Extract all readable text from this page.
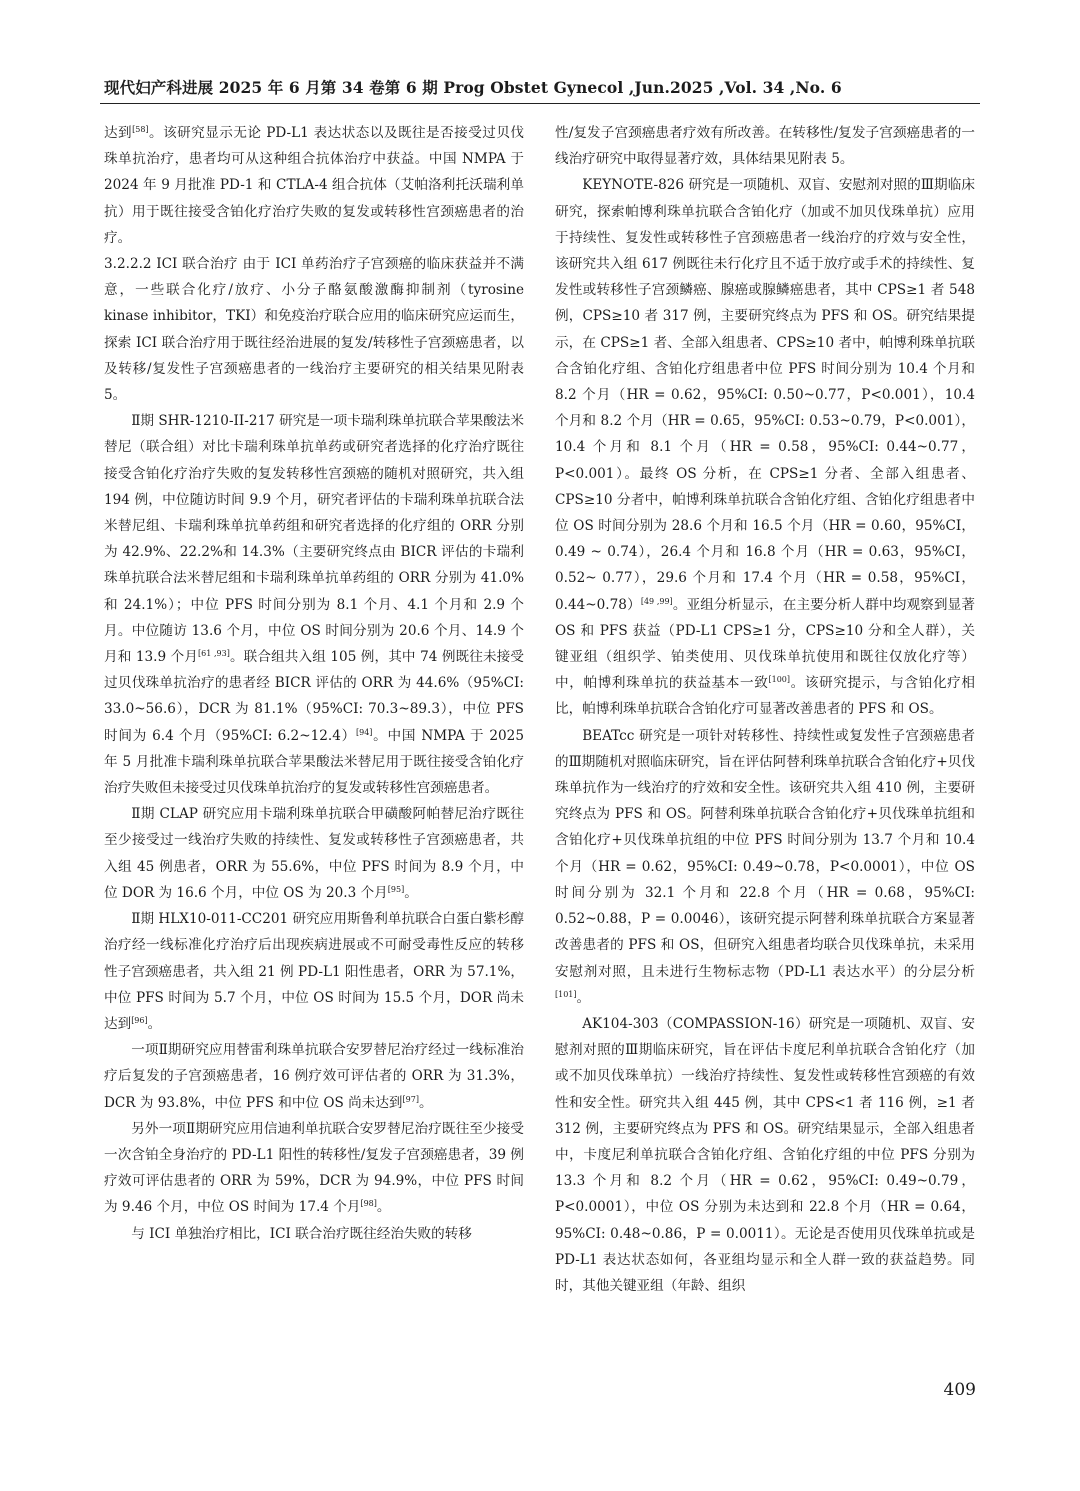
现代妇产科进展 2025 年 6 月第 34 卷第 6 期 Prog Obstet Gynecol ,Jun.2025 ,Vol. 34 ,No. 6

达到[58]。该研究显示无论 PD-L1 表达状态以及既往是否接受过贝伐珠单抗治疗，患者均可从这种组合抗体治疗中获益。中国 NMPA 于 2024 年 9 月批准 PD-1 和 CTLA-4 组合抗体（艾帕洛利托沃瑞利单抗）用于既往接受含铂化疗治疗失败的复发或转移性宫颈癌患者的治疗。

3.2.2.2 ICI 联合治疗 由于 ICI 单药治疗子宫颈癌的临床获益并不满意，一些联合化疗/放疗、小分子酪氨酸激酶抑制剂（tyrosine kinase inhibitor，TKI）和免疫治疗联合应用的临床研究应运而生，探索 ICI 联合治疗用于既往经治进展的复发/转移性子宫颈癌患者，以及转移/复发性子宫颈癌患者的一线治疗主要研究的相关结果见附表 5。

Ⅱ期 SHR-1210-II-217 研究是一项卡瑞利珠单抗联合苹果酸法米替尼（联合组）对比卡瑞利珠单抗单药或研究者选择的化疗治疗既往接受含铂化疗治疗失败的复发转移性宫颈癌的随机对照研究，共入组 194 例，中位随访时间 9.9 个月，研究者评估的卡瑞利珠单抗联合法米替尼组、卡瑞利珠单抗单药组和研究者选择的化疗组的 ORR 分别为 42.9%、22.2%和 14.3%（主要研究终点由 BICR 评估的卡瑞利珠单抗联合法米替尼组和卡瑞利珠单抗单药组的 ORR 分别为 41.0%和 24.1%）；中位 PFS 时间分别为 8.1 个月、4.1 个月和 2.9 个月。中位随访 13.6 个月，中位 OS 时间分别为 20.6 个月、14.9 个月和 13.9 个月[61 ,93]。联合组共入组 105 例，其中 74 例既往未接受过贝伐珠单抗治疗的患者经 BICR 评估的 ORR 为 44.6%（95%CI: 33.0~56.6），DCR 为 81.1%（95%CI: 70.3~89.3），中位 PFS 时间为 6.4 个月（95%CI: 6.2~12.4）[94]。中国 NMPA 于 2025 年 5 月批准卡瑞利珠单抗联合苹果酸法米替尼用于既往接受含铂化疗治疗失败但未接受过贝伐珠单抗治疗的复发或转移性宫颈癌患者。

Ⅱ期 CLAP 研究应用卡瑞利珠单抗联合甲磺酸阿帕替尼治疗既往至少接受过一线治疗失败的持续性、复发或转移性子宫颈癌患者，共入组 45 例患者，ORR 为 55.6%，中位 PFS 时间为 8.9 个月，中位 DOR 为 16.6 个月，中位 OS 为 20.3 个月[95]。

Ⅱ期 HLX10-011-CC201 研究应用斯鲁利单抗联合白蛋白紫杉醇治疗经一线标准化疗治疗后出现疾病进展或不可耐受毒性反应的转移性子宫颈癌患者，共入组 21 例 PD-L1 阳性患者，ORR 为 57.1%，中位 PFS 时间为 5.7 个月，中位 OS 时间为 15.5 个月，DOR 尚未达到[96]。

一项Ⅱ期研究应用替雷利珠单抗联合安罗替尼治疗经过一线标准治疗后复发的子宫颈癌患者，16 例疗效可评估者的 ORR 为 31.3%，DCR 为 93.8%，中位 PFS 和中位 OS 尚未达到[97]。

另外一项Ⅱ期研究应用信迪利单抗联合安罗替尼治疗既往至少接受一次含铂全身治疗的 PD-L1 阳性的转移性/复发子宫颈癌患者，39 例疗效可评估患者的 ORR 为 59%，DCR 为 94.9%，中位 PFS 时间为 9.46 个月，中位 OS 时间为 17.4 个月[98]。

与 ICI 单独治疗相比，ICI 联合治疗既往经治失败的转移

性/复发子宫颈癌患者疗效有所改善。在转移性/复发子宫颈癌患者的一线治疗研究中取得显著疗效，具体结果见附表 5。

KEYNOTE-826 研究是一项随机、双盲、安慰剂对照的Ⅲ期临床研究，探索帕博利珠单抗联合含铂化疗（加或不加贝伐珠单抗）应用于持续性、复发性或转移性子宫颈癌患者一线治疗的疗效与安全性，该研究共入组 617 例既往未行化疗且不适于放疗或手术的持续性、复发性或转移性子宫颈鳞癌、腺癌或腺鳞癌患者，其中 CPS≥1 者 548 例，CPS≥10 者 317 例，主要研究终点为 PFS 和 OS。研究结果提示，在 CPS≥1 者、全部入组患者、CPS≥10 者中，帕博利珠单抗联合含铂化疗组、含铂化疗组患者中位 PFS 时间分别为 10.4 个月和 8.2 个月（HR = 0.62，95%CI: 0.50~0.77，P<0.001），10.4 个月和 8.2 个月（HR = 0.65，95%CI: 0.53~0.79，P<0.001），10.4 个月和 8.1 个月（HR = 0.58，95%CI: 0.44~0.77，P<0.001）。最终 OS 分析，在 CPS≥1 分者、全部入组患者、CPS≥10 分者中，帕博利珠单抗联合含铂化疗组、含铂化疗组患者中位 OS 时间分别为 28.6 个月和 16.5 个月（HR = 0.60，95%CI，0.49 ~ 0.74），26.4 个月和 16.8 个月（HR = 0.63，95%CI，0.52~ 0.77），29.6 个月和 17.4 个月（HR = 0.58，95%CI，0.44~0.78）[49 ,99]。亚组分析显示，在主要分析人群中均观察到显著 OS 和 PFS 获益（PD-L1 CPS≥1 分，CPS≥10 分和全人群），关键亚组（组织学、铂类使用、贝伐珠单抗使用和既往仅放化疗等）中，帕博利珠单抗的获益基本一致[100]。该研究提示，与含铂化疗相比，帕博利珠单抗联合含铂化疗可显著改善患者的 PFS 和 OS。

BEATcc 研究是一项针对转移性、持续性或复发性子宫颈癌患者的Ⅲ期随机对照临床研究，旨在评估阿替利珠单抗联合含铂化疗+贝伐珠单抗作为一线治疗的疗效和安全性。该研究共入组 410 例，主要研究终点为 PFS 和 OS。阿替利珠单抗联合含铂化疗+贝伐珠单抗组和含铂化疗+贝伐珠单抗组的中位 PFS 时间分别为 13.7 个月和 10.4 个月（HR = 0.62，95%CI: 0.49~0.78，P<0.0001），中位 OS 时间分别为 32.1 个月和 22.8 个月（HR = 0.68，95%CI: 0.52~0.88，P = 0.0046），该研究提示阿替利珠单抗联合方案显著改善患者的 PFS 和 OS，但研究入组患者均联合贝伐珠单抗，未采用安慰剂对照，且未进行生物标志物（PD-L1 表达水平）的分层分析[101]。

AK104-303（COMPASSION-16）研究是一项随机、双盲、安慰剂对照的Ⅲ期临床研究，旨在评估卡度尼利单抗联合含铂化疗（加或不加贝伐珠单抗）一线治疗持续性、复发性或转移性宫颈癌的有效性和安全性。研究共入组 445 例，其中 CPS<1 者 116 例，≥1 者 312 例，主要研究终点为 PFS 和 OS。研究结果显示，全部入组患者中，卡度尼利单抗联合含铂化疗组、含铂化疗组的中位 PFS 分别为 13.3 个月和 8.2 个月（HR = 0.62，95%CI: 0.49~0.79，P<0.0001），中位 OS 分别为未达到和 22.8 个月（HR = 0.64，95%CI: 0.48~0.86，P = 0.0011）。无论是否使用贝伐珠单抗或是 PD-L1 表达状态如何，各亚组均显示和全人群一致的获益趋势。同时，其他关键亚组（年龄、组织

409
